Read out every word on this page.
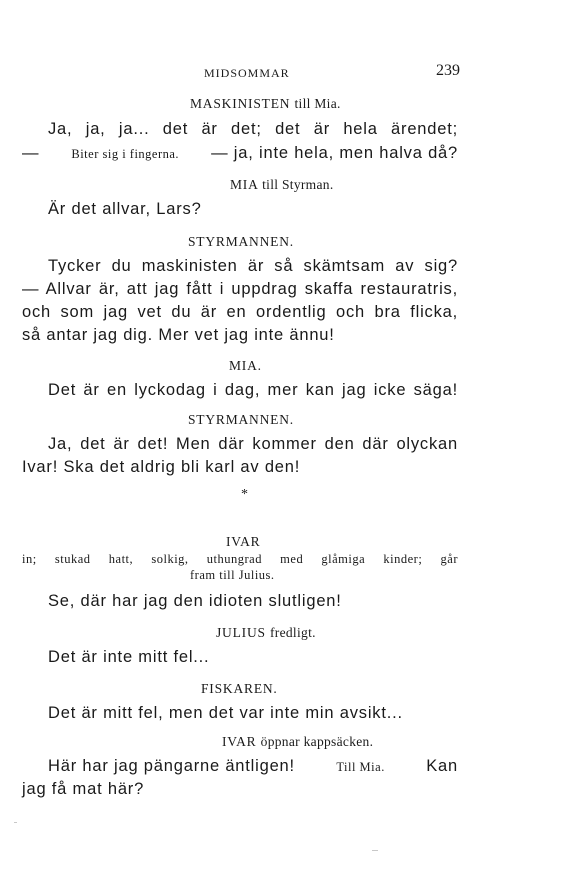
MIDSOMMAR	239
MASKINISTEN till Mia.
Ja, ja, ja... det är det; det är hela ärendet;
—	Biter sig i fingerna. — ja, inte hela, men halva då?
MIA till Styrman.
Är det allvar, Lars?
STYRMANNEN.
Tycker du maskinisten är så skämtsam av sig?
— Allvar är, att jag fått i uppdrag skaffa restauratris,
och som jag vet du är en ordentlig och bra flicka,
så antar jag dig. Mer vet jag inte ännu!
MIA.
Det är en lyckodag i dag, mer kan jag icke säga!
STYRMANNEN.
Ja, det är det! Men där kommer den där olyckan
Ivar! Ska det aldrig bli karl av den!
*
IVAR
in; stukad hatt, solkig, uthungrad med glåmiga kinder; går
fram till Julius.
Se, där har jag den idioten slutligen!
JULIUS fredligt.
Det är inte mitt fel...
FISKAREN.
Det är mitt fel, men det var inte min avsikt...
IVAR öppnar kappsäcken.
Här har jag pängarne äntligen!	Till Mia.	Kan
jag få mat här?
